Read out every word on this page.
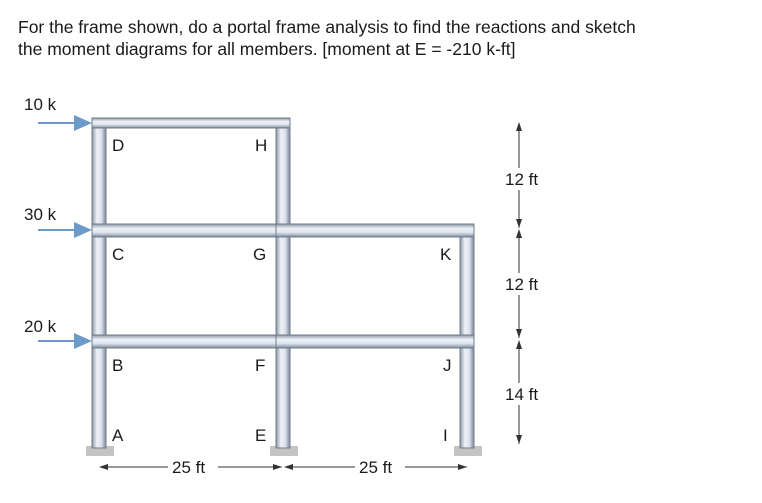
For the frame shown, do a portal frame analysis to find the reactions and sketch
the moment diagrams for all members. [moment at E = -210 k-ft]
10 k
30 k
20 k
D	H
C	G	K
B	F	J
A	E	I
12 ft
12 ft
14 ft
25 ft	25 ft
